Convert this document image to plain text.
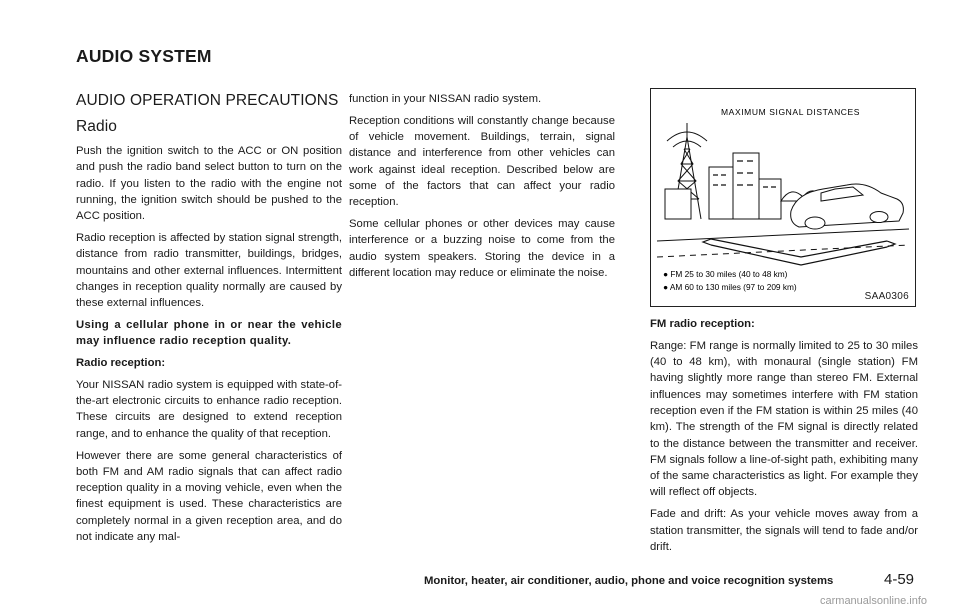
AUDIO SYSTEM
AUDIO OPERATION PRECAUTIONS
Radio

Push the ignition switch to the ACC or ON position and push the radio band select button to turn on the radio. If you listen to the radio with the engine not running, the ignition switch should be pushed to the ACC position.

Radio reception is affected by station signal strength, distance from radio transmitter, buildings, bridges, mountains and other external influences. Intermittent changes in reception quality normally are caused by these external influences.

Using a cellular phone in or near the vehicle may influence radio reception quality.

Radio reception:

Your NISSAN radio system is equipped with state-of-the-art electronic circuits to enhance radio reception. These circuits are designed to extend reception range, and to enhance the quality of that reception.

However there are some general characteristics of both FM and AM radio signals that can affect radio reception quality in a moving vehicle, even when the finest equipment is used. These characteristics are completely normal in a given reception area, and do not indicate any mal-

function in your NISSAN radio system.

Reception conditions will constantly change because of vehicle movement. Buildings, terrain, signal distance and interference from other vehicles can work against ideal reception. Described below are some of the factors that can affect your radio reception.

Some cellular phones or other devices may cause interference or a buzzing noise to come from the audio system speakers. Storing the device in a different location may reduce or eliminate the noise.

MAXIMUM SIGNAL DISTANCES
● FM 25 to 30 miles (40 to 48 km)
● AM 60 to 130 miles (97 to 209 km)
SAA0306
FM radio reception:

Range: FM range is normally limited to 25 to 30 miles (40 to 48 km), with monaural (single station) FM having slightly more range than stereo FM. External influences may sometimes interfere with FM station reception even if the FM station is within 25 miles (40 km). The strength of the FM signal is directly related to the distance between the transmitter and receiver. FM signals follow a line-of-sight path, exhibiting many of the same characteristics as light. For example they will reflect off objects.

Fade and drift: As your vehicle moves away from a station transmitter, the signals will tend to fade and/or drift.

Monitor, heater, air conditioner, audio, phone and voice recognition systems	4-59
carmanualsonline.info
